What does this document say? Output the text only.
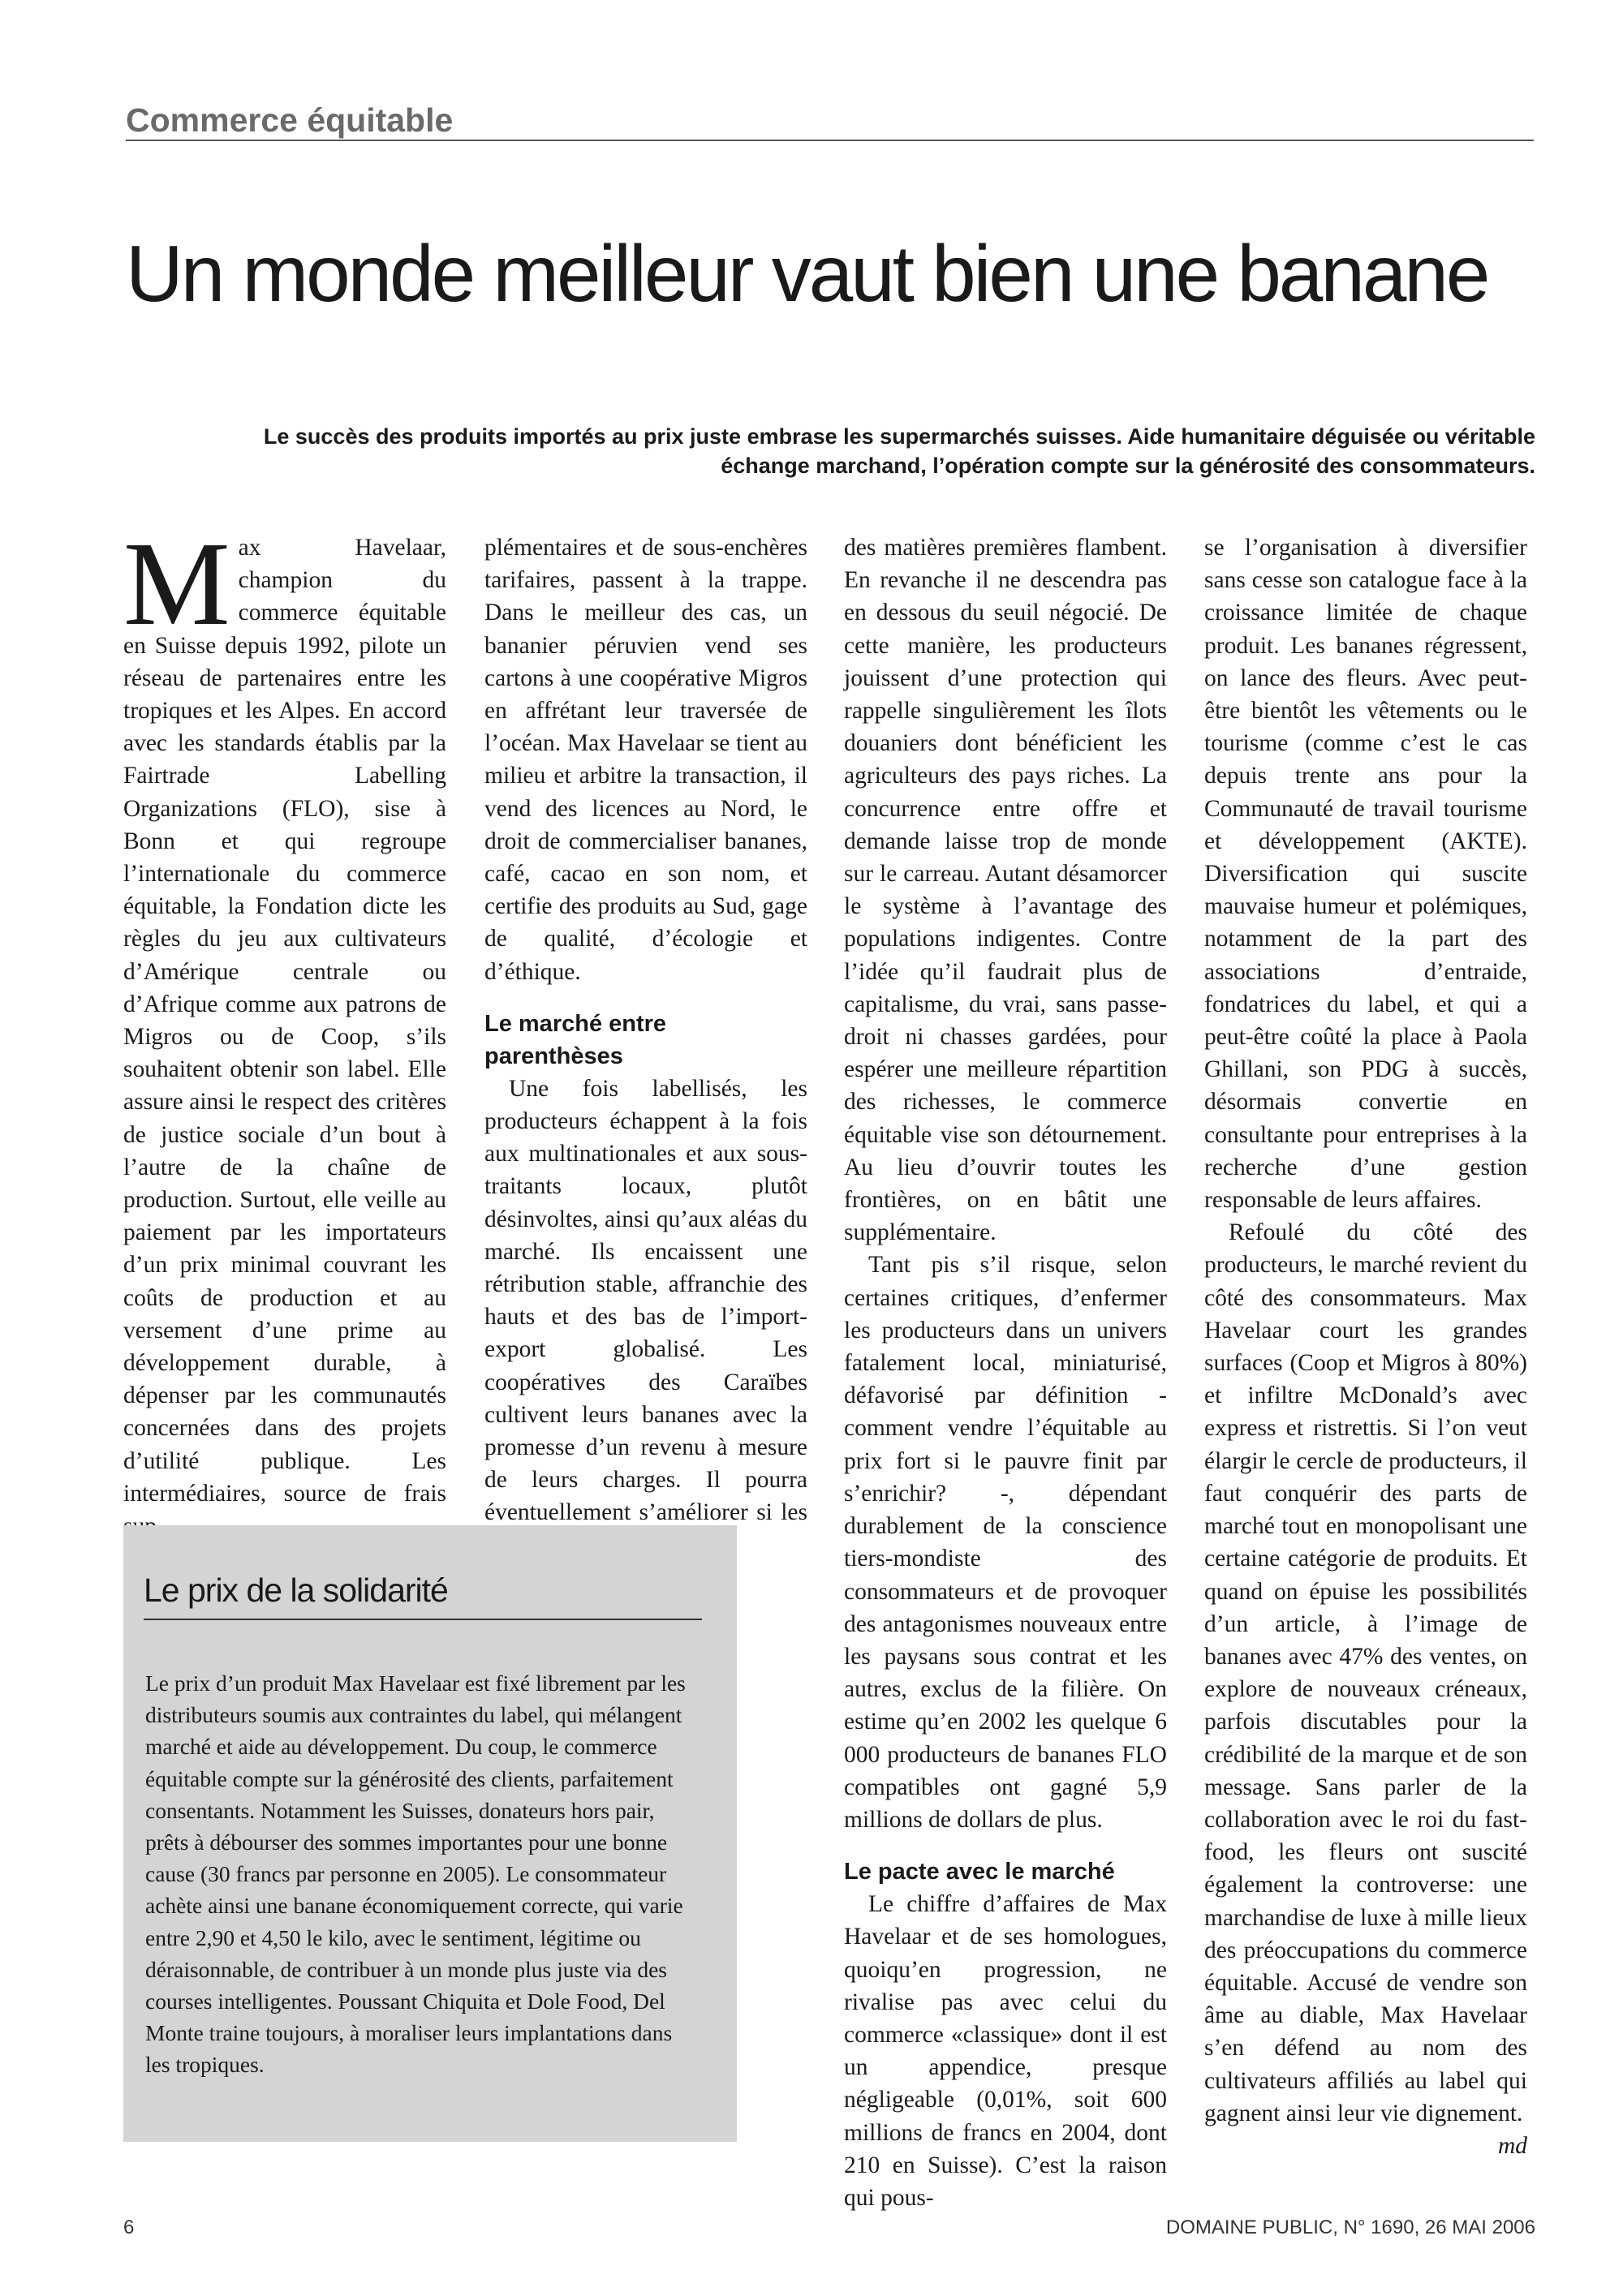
Commerce équitable
Un monde meilleur vaut bien une banane

Le succès des produits importés au prix juste embrase les supermarchés suisses. Aide humanitaire déguisée ou véritable échange marchand, l’opération compte sur la générosité des consommateurs.

Max Havelaar, champion du commerce équitable en Suisse depuis 1992, pilote un réseau de partenaires entre les tropiques et les Alpes. En accord avec les standards établis par la Fairtrade Labelling Organizations (FLO), sise à Bonn et qui regroupe l’internationale du commerce équitable, la Fondation dicte les règles du jeu aux cultivateurs d’Amérique centrale ou d’Afrique comme aux patrons de Migros ou de Coop, s’ils souhaitent obtenir son label. Elle assure ainsi le respect des critères de justice sociale d’un bout à l’autre de la chaîne de production. Surtout, elle veille au paiement par les importateurs d’un prix minimal couvrant les coûts de production et au versement d’une prime au développement durable, à dépenser par les communautés concernées dans des projets d’utilité publique. Les intermédiaires, source de frais

plémentaires et de sous-enchères tarifaires, passent à la trappe. Dans le meilleur des cas, un bananier péruvien vend ses cartons à une coopérative Migros en affrétant leur traversée de l’océan. Max Havelaar se tient au milieu et arbitre la transaction, il vend des licences au Nord, le droit de commercialiser bananes, café, cacao en son nom, et certifie des produits au Sud, gage de qualité, d’écologie et d’éthique.

Le marché entre parenthèses

Une fois labellisés, les producteurs échappent à la fois aux multinationales et aux sous-traitants locaux, plutôt désinvoltes, ainsi qu’aux aléas du marché. Ils encaissent une rétribution stable, affranchie des hauts et des bas de l’import-export globalisé. Les coopératives des Caraïbes cultivent leurs bananes avec la promesse d’un revenu à mesure de leurs charges. Il pourra éventuellement s’améliorer si les

des matières premières flambent. En revanche il ne descendra pas en dessous du seuil négocié. De cette manière, les producteurs jouissent d’une protection qui rappelle singulièrement les îlots douaniers dont bénéficient les agriculteurs des pays riches. La concurrence entre offre et demande laisse trop de monde sur le carreau. Autant désamorcer le système à l’avantage des populations indigentes. Contre l’idée qu’il faudrait plus de capitalisme, du vrai, sans passe-droit ni chasses gardées, pour espérer une meilleure répartition des richesses, le commerce équitable vise son détournement. Au lieu d’ouvrir toutes les frontières, on en bâtit une supplémentaire.

Tant pis s’il risque, selon certaines critiques, d’enfermer les producteurs dans un univers fatalement local, miniaturisé, défavorisé par définition - comment vendre l’équitable au prix fort si le pauvre finit par s’enrichir? -, dépendant durablement de la conscience tiers-mondiste des consommateurs et de provoquer des antagonismes nouveaux entre les paysans sous contrat et les autres, exclus de la filière. On estime qu’en 2002 les quelque 6 000 producteurs de bananes FLO compatibles ont gagné 5,9 millions de dollars de plus.

Le pacte avec le marché

Le chiffre d’affaires de Max Havelaar et de ses homologues, quoiqu’en progression, ne rivalise pas avec celui du commerce «classique» dont il est un appendice, presque négligeable (0,01%, soit 600 millions de francs en 2004, dont 210 en Suisse). C’est la raison qui pous-

se l’organisation à diversifier sans cesse son catalogue face à la croissance limitée de chaque produit. Les bananes régressent, on lance des fleurs. Avec peut-être bientôt les vêtements ou le tourisme (comme c’est le cas depuis trente ans pour la Communauté de travail tourisme et développement (AKTE). Diversification qui suscite mauvaise humeur et polémiques, notamment de la part des associations d’entraide, fondatrices du label, et qui a peut-être coûté la place à Paola Ghillani, son PDG à succès, désormais convertie en consultante pour entreprises à la recherche d’une gestion responsable de leurs affaires.

Refoulé du côté des producteurs, le marché revient du côté des consommateurs. Max Havelaar court les grandes surfaces (Coop et Migros à 80%) et infiltre McDonald’s avec express et ristrettis. Si l’on veut élargir le cercle de producteurs, il faut conquérir des parts de marché tout en monopolisant une certaine catégorie de produits. Et quand on épuise les possibilités d’un article, à l’image de bananes avec 47% des ventes, on explore de nouveaux créneaux, parfois discutables pour la crédibilité de la marque et de son message. Sans parler de la collaboration avec le roi du fast-food, les fleurs ont suscité également la controverse: une marchandise de luxe à mille lieux des préoccupations du commerce équitable. Accusé de vendre son âme au diable, Max Havelaar s’en défend au nom des cultivateurs affiliés au label qui gagnent ainsi leur vie dignement.
md

Le prix de la solidarité

Le prix d’un produit Max Havelaar est fixé librement par les distributeurs soumis aux contraintes du label, qui mélangent marché et aide au développement. Du coup, le commerce équitable compte sur la générosité des clients, parfaitement consentants. Notamment les Suisses, donateurs hors pair, prêts à débourser des sommes importantes pour une bonne cause (30 francs par personne en 2005). Le consommateur achète ainsi une banane économiquement correcte, qui varie entre 2,90 et 4,50 le kilo, avec le sentiment, légitime ou déraisonnable, de contribuer à un monde plus juste via des courses intelligentes. Poussant Chiquita et Dole Food, Del Monte traine toujours, à moraliser leurs implantations dans les tropiques.

6	DOMAINE PUBLIC, N° 1690, 26 MAI 2006
